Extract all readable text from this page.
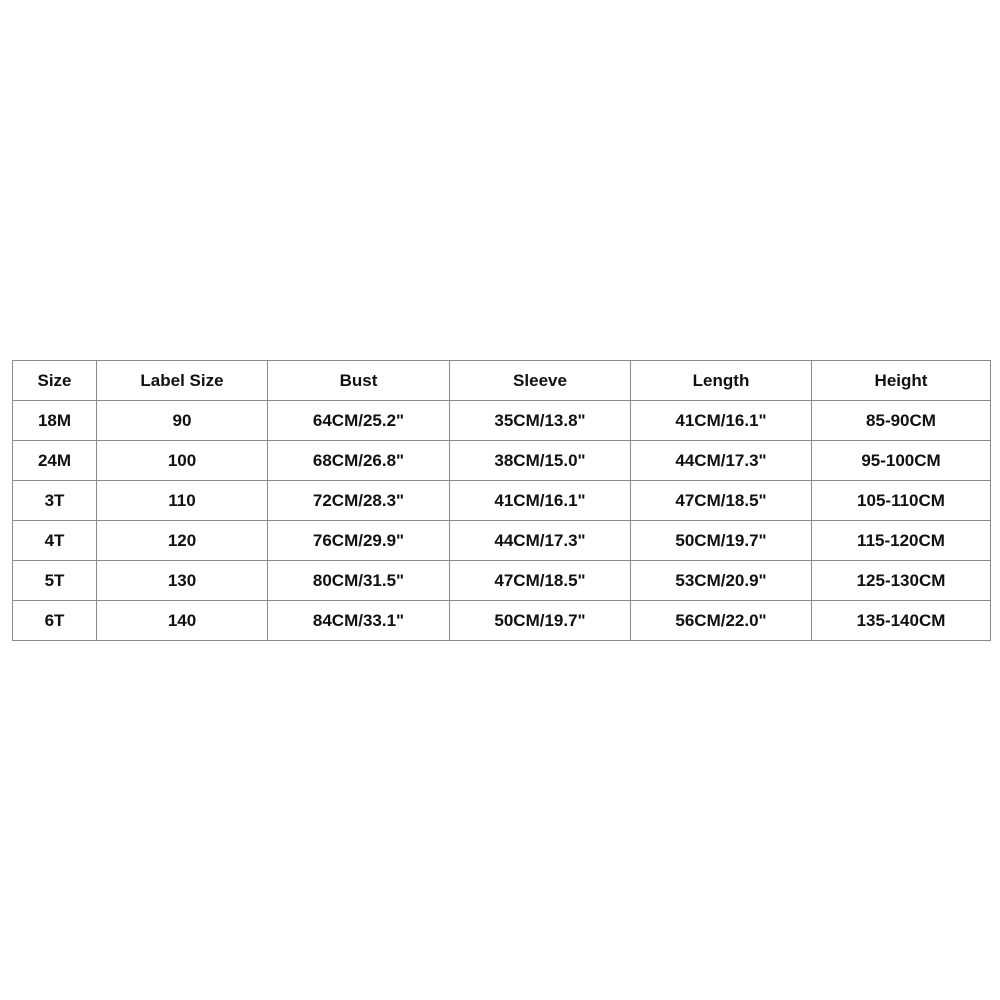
Size	Label Size	Bust	Sleeve	Length	Height
18M	90	64CM/25.2"	35CM/13.8"	41CM/16.1"	85-90CM
24M	100	68CM/26.8"	38CM/15.0"	44CM/17.3"	95-100CM
3T	110	72CM/28.3"	41CM/16.1"	47CM/18.5"	105-110CM
4T	120	76CM/29.9"	44CM/17.3"	50CM/19.7"	115-120CM
5T	130	80CM/31.5"	47CM/18.5"	53CM/20.9"	125-130CM
6T	140	84CM/33.1"	50CM/19.7"	56CM/22.0"	135-140CM
